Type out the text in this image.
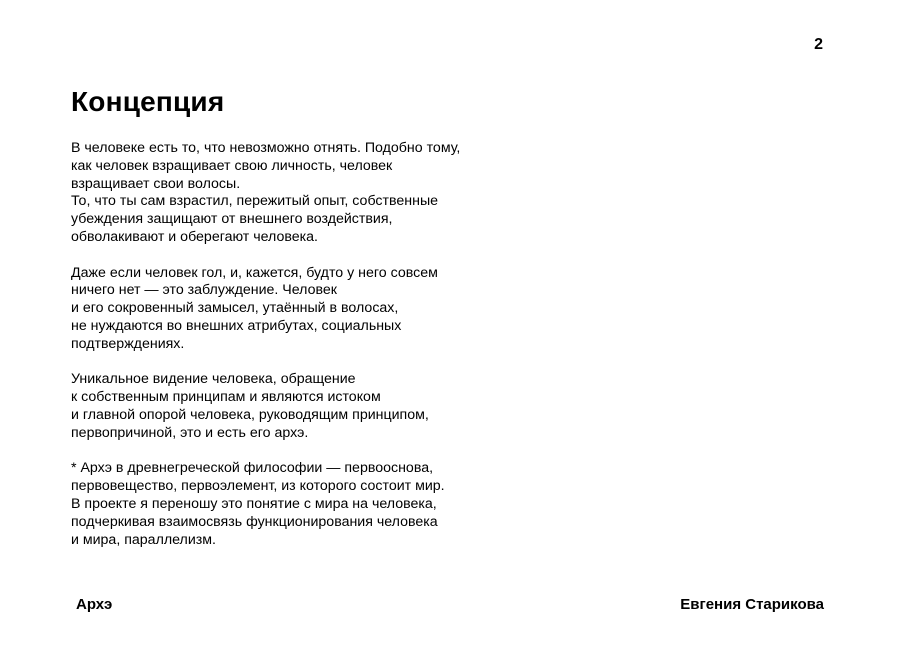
2
Концепция

В человеке есть то, что невозможно отнять. Подобно тому,
как человек взращивает свою личность, человек
взращивает свои волосы.
То, что ты сам взрастил, пережитый опыт, собственные
убеждения защищают от внешнего воздействия,
обволакивают и оберегают человека.

Даже если человек гол, и, кажется, будто у него совсем
ничего нет — это заблуждение. Человек
и его сокровенный замысел, утаённый в волосах,
не нуждаются во внешних атрибутах, социальных
подтверждениях.

Уникальное видение человека, обращение
к собственным принципам и являются истоком
и главной опорой человека, руководящим принципом,
первопричиной, это и есть его архэ.

* Архэ в древнегреческой философии — первооснова,
первовещество, первоэлемент, из которого состоит мир.
В проекте я переношу это понятие с мира на человека,
подчеркивая взаимосвязь функционирования человека
и мира, параллелизм.

Архэ	Евгения Старикова
